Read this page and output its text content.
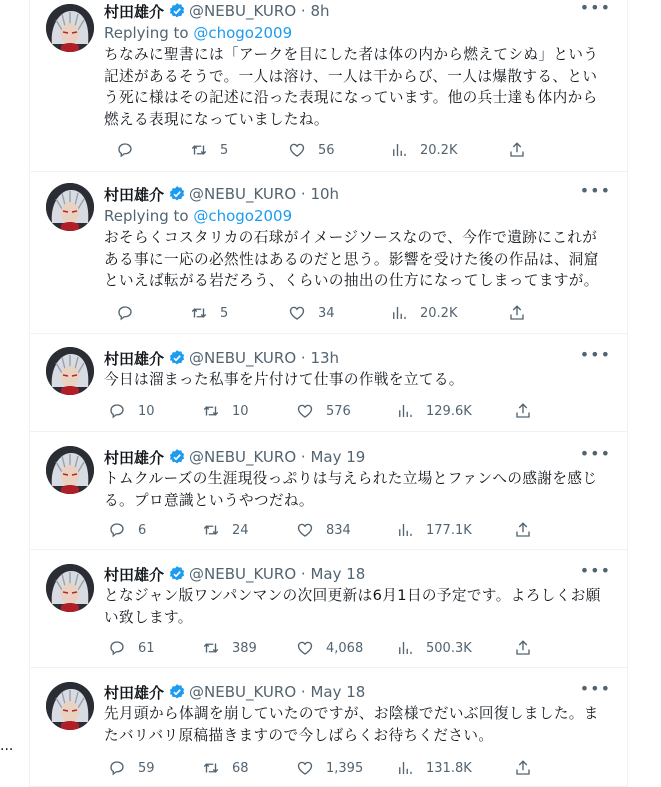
...
村田雄介 @NEBU_KURO · 8h	•••
Replying to @chogo2009
ちなみに聖書には「アークを目にした者は体の内から燃えてシぬ」という
記述があるそうで。一人は溶け、一人は干からび、一人は爆散する、とい
う死に様はその記述に沿った表現になっています。他の兵士達も体内から
燃える表現になっていましたね。
5	56	20.2K
村田雄介 @NEBU_KURO · 10h	•••
Replying to @chogo2009
おそらくコスタリカの石球がイメージソースなので、今作で遺跡にこれが
ある事に一応の必然性はあるのだと思う。影響を受けた後の作品は、洞窟
といえば転がる岩だろう、くらいの抽出の仕方になってしまってますが。
5	34	20.2K
村田雄介 @NEBU_KURO · 13h	•••
今日は溜まった私事を片付けて仕事の作戦を立てる。
10	10	576	129.6K
村田雄介 @NEBU_KURO · May 19	•••
トムクルーズの生涯現役っぷりは与えられた立場とファンへの感謝を感じ
る。プロ意識というやつだね。
6	24	834	177.1K
村田雄介 @NEBU_KURO · May 18	•••
となジャン版ワンパンマンの次回更新は6月1日の予定です。よろしくお願
い致します。
61	389	4,068	500.3K
村田雄介 @NEBU_KURO · May 18	•••
先月頭から体調を崩していたのですが、お陰様でだいぶ回復しました。ま
たバリバリ原稿描きますので今しばらくお待ちください。
59	68	1,395	131.8K
